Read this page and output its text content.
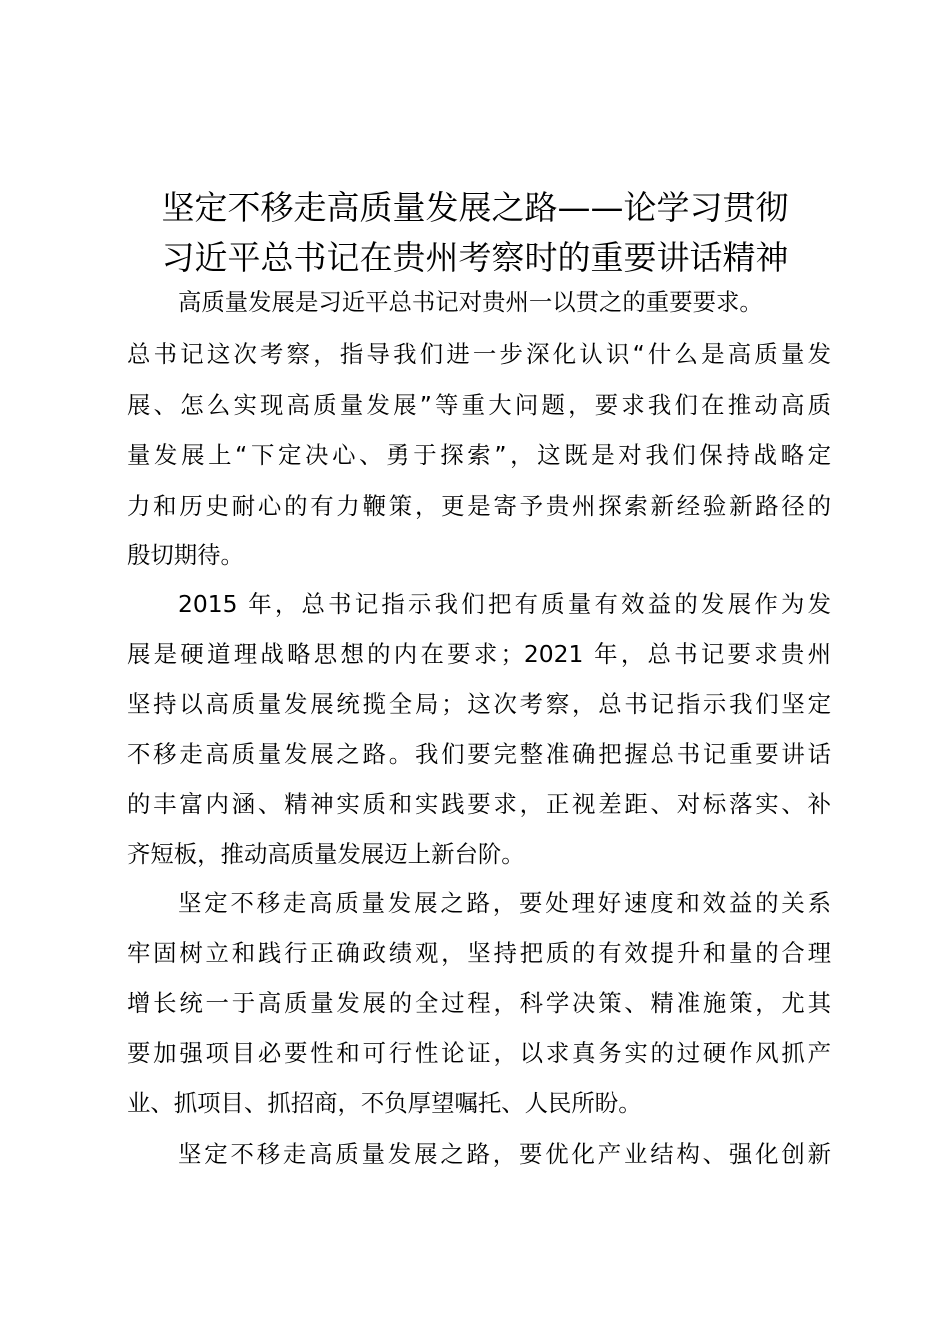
坚定不移走高质量发展之路——论学习贯彻
习近平总书记在贵州考察时的重要讲话精神
高质量发展是习近平总书记对贵州一以贯之的重要要求。
总书记这次考察，指导我们进一步深化认识“什么是高质量发
展、怎么实现高质量发展”等重大问题，要求我们在推动高质
量发展上“下定决心、勇于探索”，这既是对我们保持战略定
力和历史耐心的有力鞭策，更是寄予贵州探索新经验新路径的
殷切期待。
2015 年，总书记指示我们把有质量有效益的发展作为发
展是硬道理战略思想的内在要求；2021 年，总书记要求贵州
坚持以高质量发展统揽全局；这次考察，总书记指示我们坚定
不移走高质量发展之路。我们要完整准确把握总书记重要讲话
的丰富内涵、精神实质和实践要求，正视差距、对标落实、补
齐短板，推动高质量发展迈上新台阶。
坚定不移走高质量发展之路，要处理好速度和效益的关系
牢固树立和践行正确政绩观，坚持把质的有效提升和量的合理
增长统一于高质量发展的全过程，科学决策、精准施策，尤其
要加强项目必要性和可行性论证，以求真务实的过硬作风抓产
业、抓项目、抓招商，不负厚望嘱托、人民所盼。
坚定不移走高质量发展之路，要优化产业结构、强化创新
